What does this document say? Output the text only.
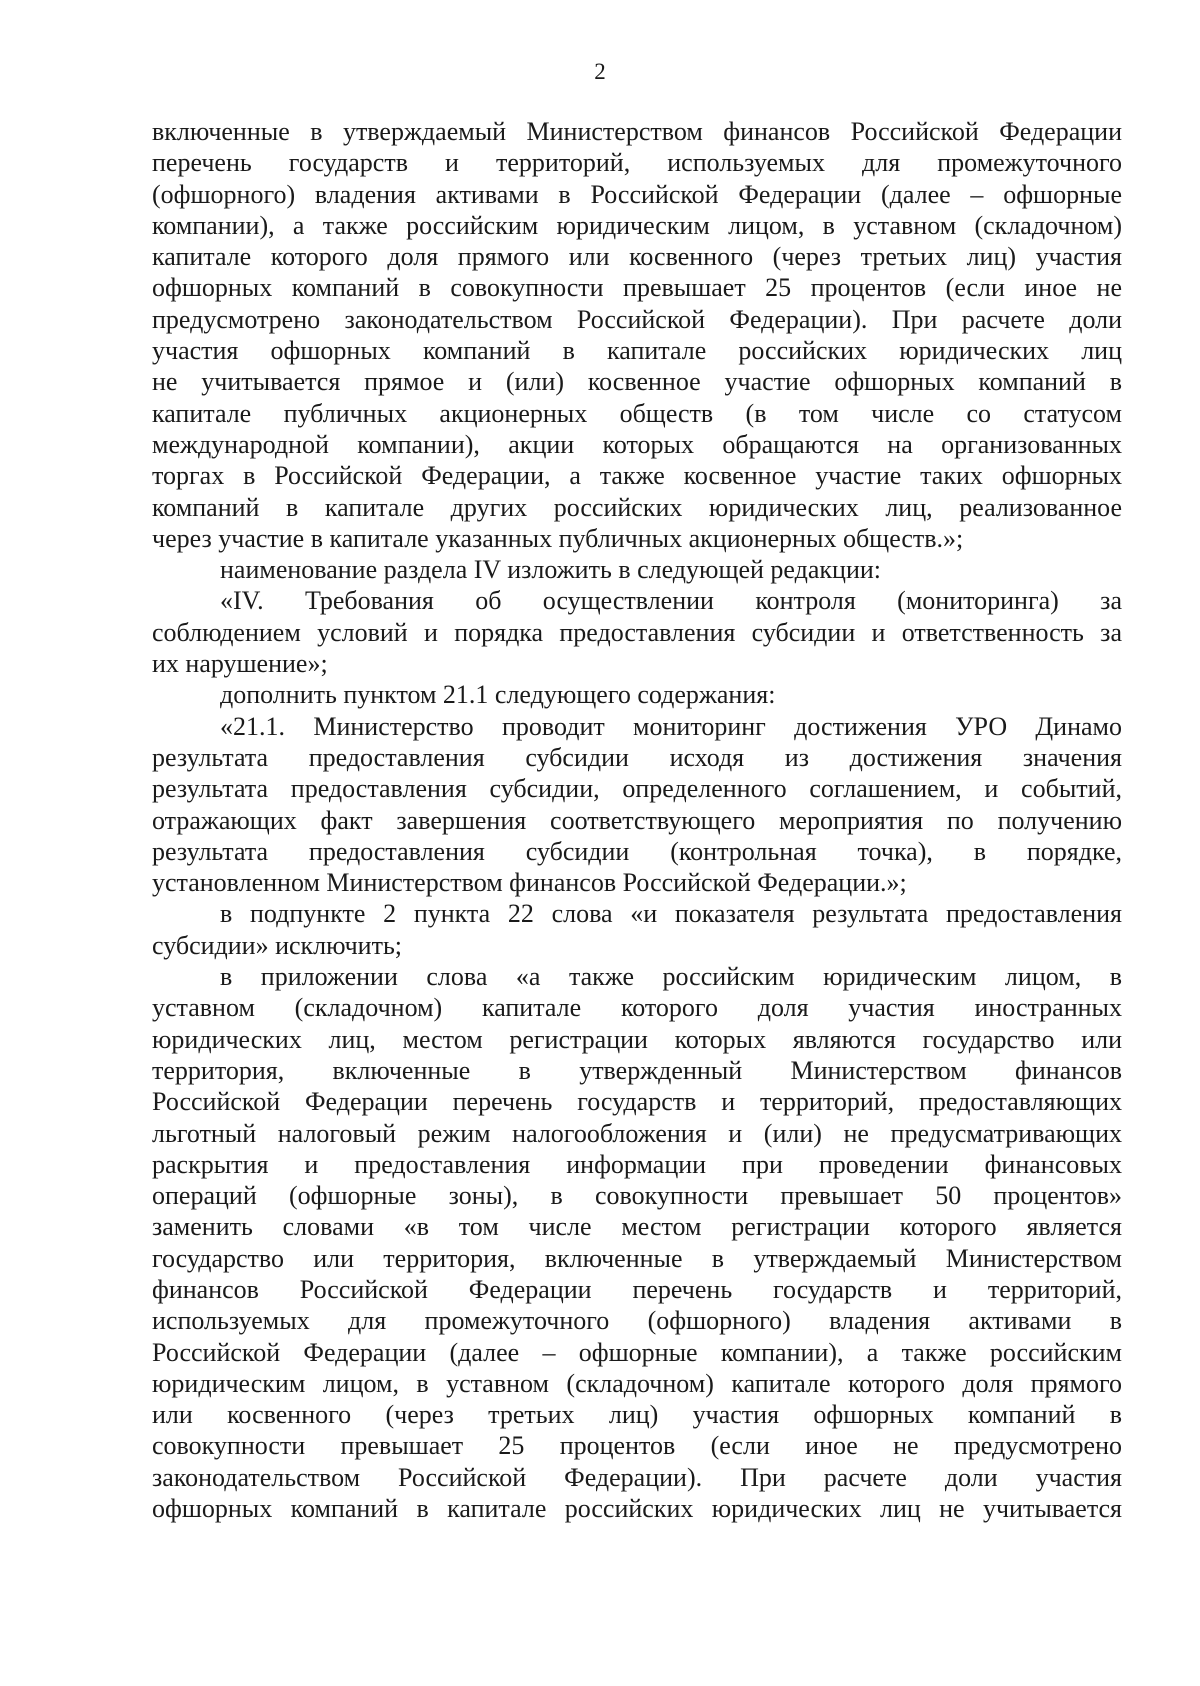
2

включенные в утверждаемый Министерством финансов Российской Федерации

перечень государств и территорий, используемых для промежуточного

(офшорного) владения активами в Российской Федерации (далее – офшорные

компании), а также российским юридическим лицом, в уставном (складочном)

капитале которого доля прямого или косвенного (через третьих лиц) участия

офшорных компаний в совокупности превышает 25 процентов (если иное не

предусмотрено законодательством Российской Федерации). При расчете доли

участия офшорных компаний в капитале российских юридических лиц

не учитывается прямое и (или) косвенное участие офшорных компаний в

капитале публичных акционерных обществ (в том числе со статусом

международной компании), акции которых обращаются на организованных

торгах в Российской Федерации, а также косвенное участие таких офшорных

компаний в капитале других российских юридических лиц, реализованное

через участие в капитале указанных публичных акционерных обществ.»;

наименование раздела IV изложить в следующей редакции:

«IV. Требования об осуществлении контроля (мониторинга) за

соблюдением условий и порядка предоставления субсидии и ответственность за

их нарушение»;

дополнить пунктом 21.1 следующего содержания:

«21.1. Министерство проводит мониторинг достижения УРО Динамо

результата предоставления субсидии исходя из достижения значения

результата предоставления субсидии, определенного соглашением, и событий,

отражающих факт завершения соответствующего мероприятия по получению

результата предоставления субсидии (контрольная точка), в порядке,

установленном Министерством финансов Российской Федерации.»;

в подпункте 2 пункта 22 слова «и показателя результата предоставления

субсидии» исключить;

в приложении слова «а также российским юридическим лицом, в

уставном (складочном) капитале которого доля участия иностранных

юридических лиц, местом регистрации которых являются государство или

территория, включенные в утвержденный Министерством финансов

Российской Федерации перечень государств и территорий, предоставляющих

льготный налоговый режим налогообложения и (или) не предусматривающих

раскрытия и предоставления информации при проведении финансовых

операций (офшорные зоны), в совокупности превышает 50 процентов»

заменить словами «в том числе местом регистрации которого является

государство или территория, включенные в утверждаемый Министерством

финансов Российской Федерации перечень государств и территорий,

используемых для промежуточного (офшорного) владения активами в

Российской Федерации (далее – офшорные компании), а также российским

юридическим лицом, в уставном (складочном) капитале которого доля прямого

или косвенного (через третьих лиц) участия офшорных компаний в

совокупности превышает 25 процентов (если иное не предусмотрено

законодательством Российской Федерации). При расчете доли участия

офшорных компаний в капитале российских юридических лиц не учитывается
